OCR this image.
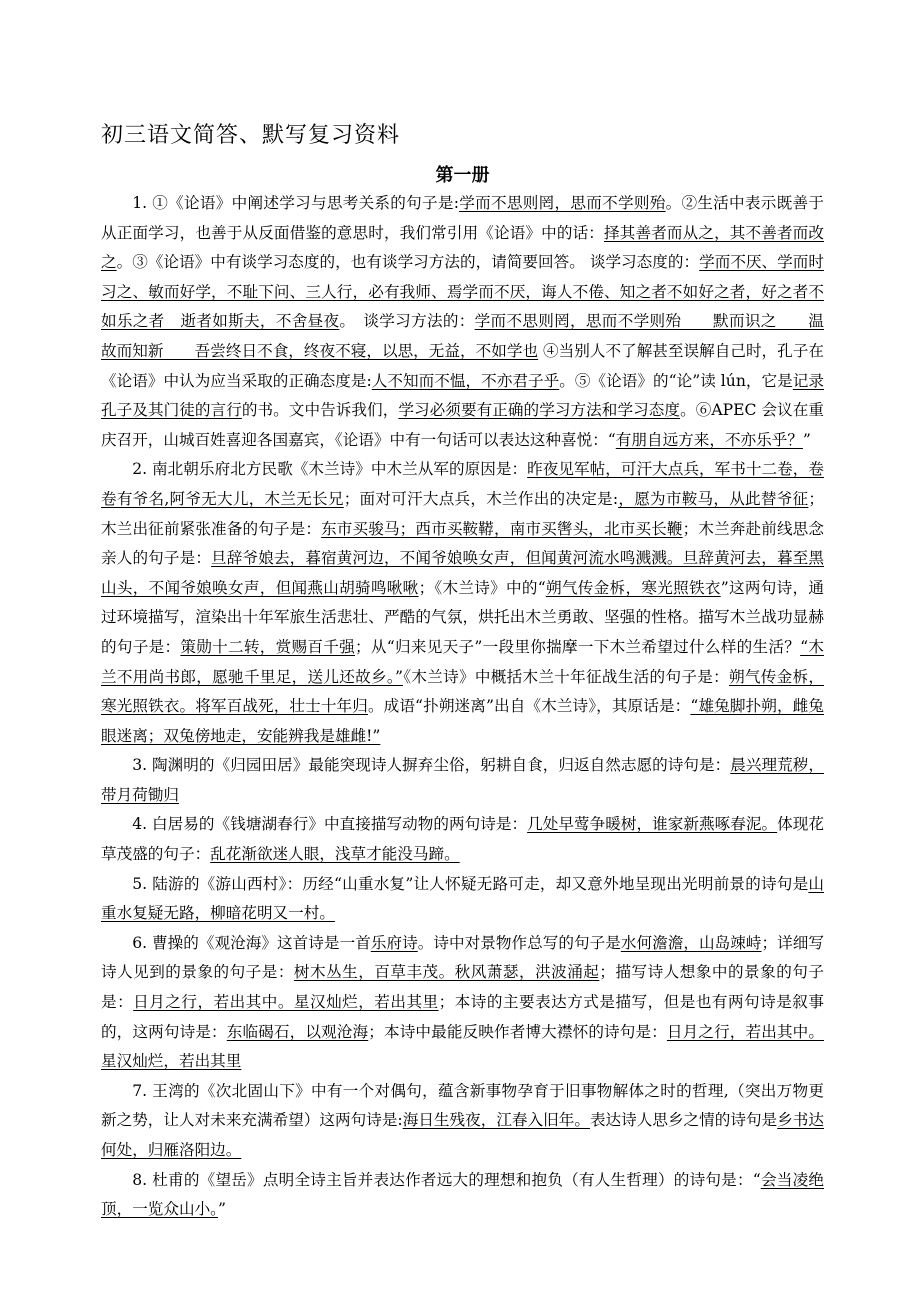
初三语文简答、默写复习资料
第一册

1. ①《论语》中阐述学习与思考关系的句子是:学而不思则罔，思而不学则殆。②生活中表示既善于从正面学习，也善于从反面借鉴的意思时，我们常引用《论语》中的话：择其善者而从之，其不善者而改之。③《论语》中有谈学习态度的，也有谈学习方法的，请简要回答。 谈学习态度的：学而不厌、学而时习之、敏而好学，不耻下问、三人行，必有我师、焉学而不厌，诲人不倦、知之者不如好之者，好之者不如乐之者　逝者如斯夫，不舍昼夜。　谈学习方法的：学而不思则罔，思而不学则殆　　默而识之　　温故而知新　　吾尝终日不食，终夜不寝，以思，无益，不如学也 ④当别人不了解甚至误解自己时，孔子在《论语》中认为应当采取的正确态度是:人不知而不愠，不亦君子乎。⑤《论语》的“论”读 lún，它是记录孔子及其门徒的言行的书。文中告诉我们，学习必须要有正确的学习方法和学习态度。⑥APEC 会议在重庆召开，山城百姓喜迎各国嘉宾，《论语》中有一句话可以表达这种喜悦：“有朋自远方来，不亦乐乎？”

2. 南北朝乐府北方民歌《木兰诗》中木兰从军的原因是：昨夜见军帖，可汗大点兵，军书十二卷，卷卷有爷名,阿爷无大儿，木兰无长兄；面对可汗大点兵，木兰作出的决定是:，愿为市鞍马，从此替爷征；木兰出征前紧张准备的句子是：东市买骏马；西市买鞍鞯，南市买辔头，北市买长鞭；木兰奔赴前线思念亲人的句子是：旦辞爷娘去，暮宿黄河边，不闻爷娘唤女声，但闻黄河流水鸣溅溅。旦辞黄河去，暮至黑山头，不闻爷娘唤女声，但闻燕山胡骑鸣啾啾；《木兰诗》中的“朔气传金柝，寒光照铁衣”这两句诗，通过环境描写，渲染出十年军旅生活悲壮、严酷的气氛，烘托出木兰勇敢、坚强的性格。描写木兰战功显赫的句子是：策勋十二转，赏赐百千强；从“归来见天子”一段里你揣摩一下木兰希望过什么样的生活？“木兰不用尚书郎，愿驰千里足，送儿还故乡。”《木兰诗》中概括木兰十年征战生活的句子是：朔气传金柝，寒光照铁衣。将军百战死，壮士十年归。成语“扑朔迷离”出自《木兰诗》，其原话是：“雄兔脚扑朔，雌兔眼迷离；双兔傍地走，安能辨我是雄雌!”

3. 陶渊明的《归园田居》最能突现诗人摒弃尘俗，躬耕自食，归返自然志愿的诗句是：晨兴理荒秽，带月荷锄归

4. 白居易的《钱塘湖春行》中直接描写动物的两句诗是：几处早莺争暖树，谁家新燕啄春泥。体现花草茂盛的句子：乱花渐欲迷人眼，浅草才能没马蹄。

5. 陆游的《游山西村》：历经“山重水复”让人怀疑无路可走，却又意外地呈现出光明前景的诗句是山重水复疑无路，柳暗花明又一村。

6. 曹操的《观沧海》这首诗是一首乐府诗。诗中对景物作总写的句子是水何澹澹，山岛竦峙；详细写诗人见到的景象的句子是：树木丛生，百草丰茂。秋风萧瑟，洪波涌起；描写诗人想象中的景象的句子是：日月之行，若出其中。星汉灿烂，若出其里；本诗的主要表达方式是描写，但是也有两句诗是叙事的，这两句诗是：东临碣石，以观沧海；本诗中最能反映作者博大襟怀的诗句是：日月之行，若出其中。星汉灿烂，若出其里

7. 王湾的《次北固山下》中有一个对偶句，蕴含新事物孕育于旧事物解体之时的哲理,（突出万物更新之势，让人对未来充满希望）这两句诗是:海日生残夜，江春入旧年。表达诗人思乡之情的诗句是乡书达何处，归雁洛阳边。

8. 杜甫的《望岳》点明全诗主旨并表达作者远大的理想和抱负（有人生哲理）的诗句是：“会当凌绝顶，一览众山小。”
